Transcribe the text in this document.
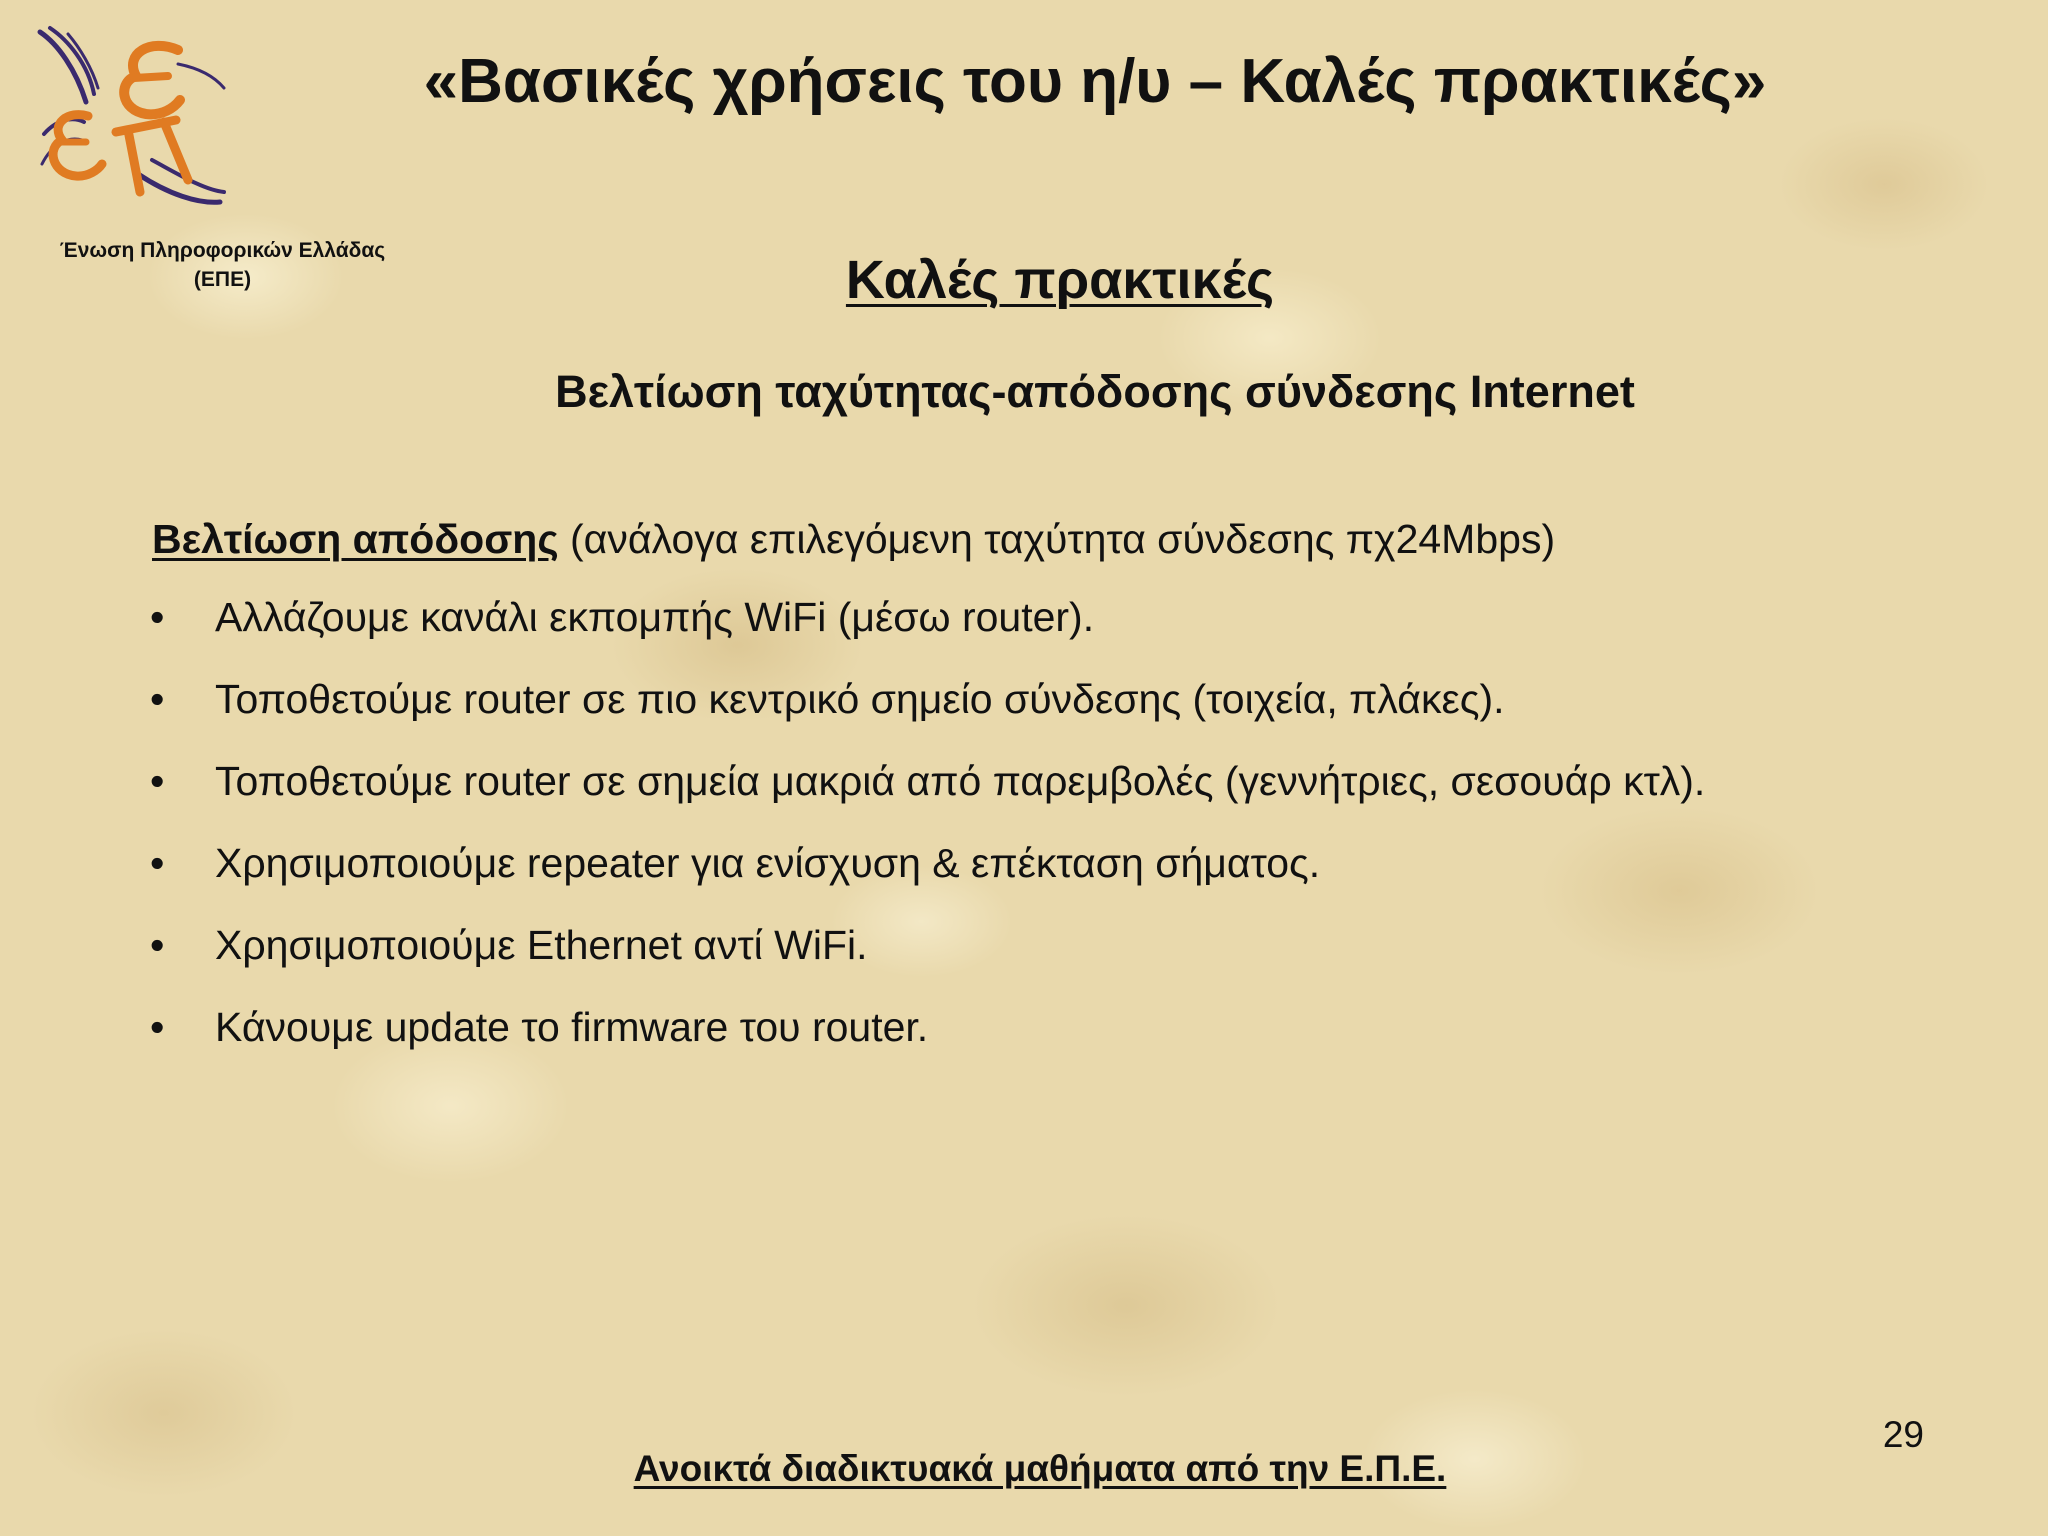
Ένωση Πληροφορικών Ελλάδας
(ΕΠΕ)
«Βασικές χρήσεις του η/υ – Καλές πρακτικές»
Καλές πρακτικές
Βελτίωση ταχύτητας-απόδοσης σύνδεσης Internet
Βελτίωση απόδοσης (ανάλογα επιλεγόμενη ταχύτητα σύνδεσης πχ24Mbps)
•	Αλλάζουμε κανάλι εκπομπής WiFi (μέσω router).
•	Τοποθετούμε router σε πιο κεντρικό σημείο σύνδεσης (τοιχεία, πλάκες).
•	Τοποθετούμε router σε σημεία μακριά από παρεμβολές (γεννήτριες, σεσουάρ κτλ).
•	Χρησιμοποιούμε repeater για ενίσχυση & επέκταση σήματος.
•	Χρησιμοποιούμε Ethernet αντί WiFi.
•	Κάνουμε update το firmware του router.
29
Ανοικτά διαδικτυακά μαθήματα από την Ε.Π.Ε.
